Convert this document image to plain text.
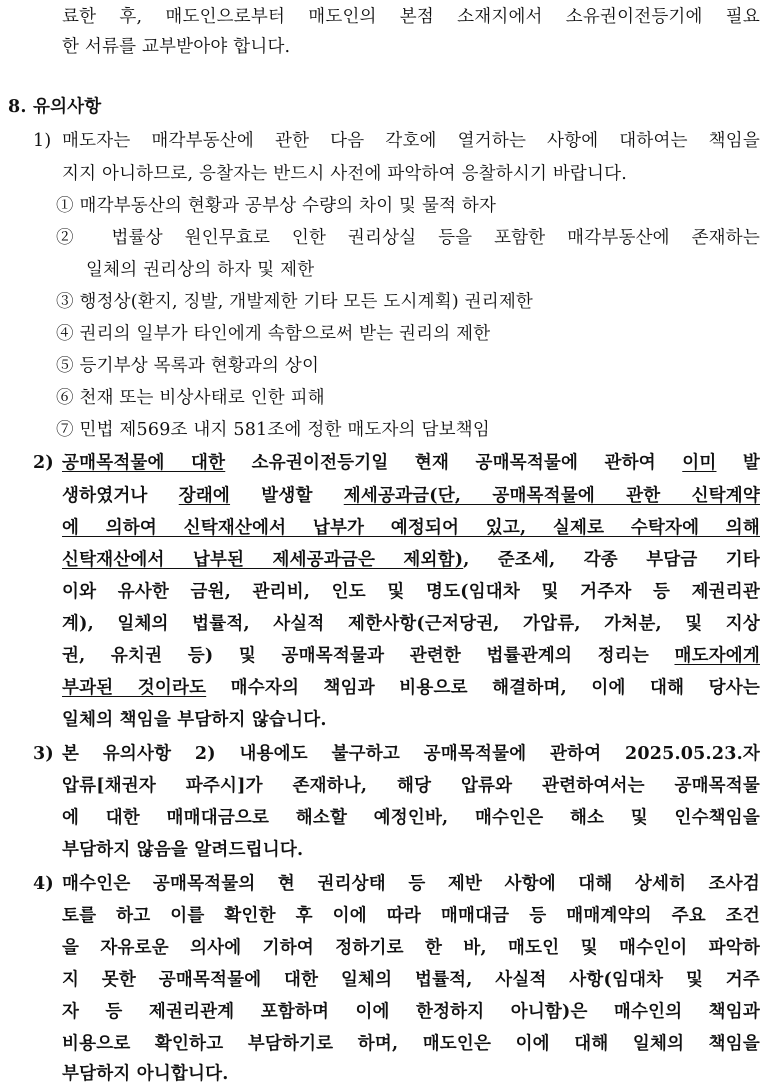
료한 후, 매도인으로부터 매도인의 본점 소재지에서 소유권이전등기에 필요
한 서류를 교부받아야 합니다.
8. 유의사항
1) 매도자는 매각부동산에 관한 다음 각호에 열거하는 사항에 대하여는 책임을
지지 아니하므로, 응찰자는 반드시 사전에 파악하여 응찰하시기 바랍니다.
① 매각부동산의 현황과 공부상 수량의 차이 및 물적 하자
② 법률상 원인무효로 인한 권리상실 등을 포함한 매각부동산에 존재하는
일체의 권리상의 하자 및 제한
③ 행정상(환지, 징발, 개발제한 기타 모든 도시계획) 권리제한
④ 권리의 일부가 타인에게 속함으로써 받는 권리의 제한
⑤ 등기부상 목록과 현황과의 상이
⑥ 천재 또는 비상사태로 인한 피해
⑦ 민법 제569조 내지 581조에 정한 매도자의 담보책임
2) 공매목적물에 대한 소유권이전등기일 현재 공매목적물에 관하여 이미 발
생하였거나 장래에 발생할 제세공과금(단, 공매목적물에 관한 신탁계약
에 의하여 신탁재산에서 납부가 예정되어 있고, 실제로 수탁자에 의해
신탁재산에서 납부된 제세공과금은 제외함), 준조세, 각종 부담금 기타
이와 유사한 금원, 관리비, 인도 및 명도(임대차 및 거주자 등 제권리관
계), 일체의 법률적, 사실적 제한사항(근저당권, 가압류, 가처분, 및 지상
권, 유치권 등) 및 공매목적물과 관련한 법률관계의 정리는 매도자에게
부과된 것이라도 매수자의 책임과 비용으로 해결하며, 이에 대해 당사는
일체의 책임을 부담하지 않습니다.
3) 본 유의사항 2) 내용에도 불구하고 공매목적물에 관하여 2025.05.23.자
압류[채권자 파주시]가 존재하나, 해당 압류와 관련하여서는 공매목적물
에 대한 매매대금으로 해소할 예정인바, 매수인은 해소 및 인수책임을
부담하지 않음을 알려드립니다.
4) 매수인은 공매목적물의 현 권리상태 등 제반 사항에 대해 상세히 조사검
토를 하고 이를 확인한 후 이에 따라 매매대금 등 매매계약의 주요 조건
을 자유로운 의사에 기하여 정하기로 한 바, 매도인 및 매수인이 파악하
지 못한 공매목적물에 대한 일체의 법률적, 사실적 사항(임대차 및 거주
자 등 제권리관계 포함하며 이에 한정하지 아니함)은 매수인의 책임과
비용으로 확인하고 부담하기로 하며, 매도인은 이에 대해 일체의 책임을
부담하지 아니합니다.
